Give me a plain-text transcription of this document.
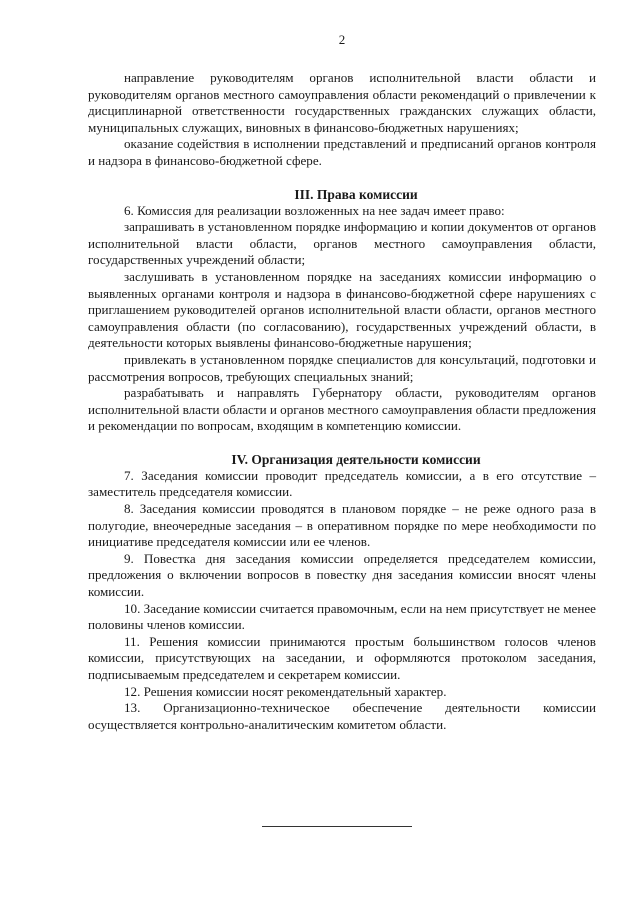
2

направление руководителям органов исполнительной власти области и руководителям органов местного самоуправления области рекомендаций о привлечении к дисциплинарной ответственности государственных гражданских служащих области, муниципальных служащих, виновных в финансово-бюджетных нарушениях;

оказание содействия в исполнении представлений и предписаний органов контроля и надзора в финансово-бюджетной сфере.

III. Права комиссии

6. Комиссия для реализации возложенных на нее задач имеет право:

запрашивать в установленном порядке информацию и копии документов от органов исполнительной власти области, органов местного самоуправления области, государственных учреждений области;

заслушивать в установленном порядке на заседаниях комиссии информацию о выявленных органами контроля и надзора в финансово-бюджетной сфере нарушениях с приглашением руководителей органов исполнительной власти области, органов местного самоуправления области (по согласованию), государственных учреждений области, в деятельности которых выявлены финансово-бюджетные нарушения;

привлекать в установленном порядке специалистов для консультаций, подготовки и рассмотрения вопросов, требующих специальных знаний;

разрабатывать и направлять Губернатору области, руководителям органов исполнительной власти области и органов местного самоуправления области предложения и рекомендации по вопросам, входящим в компетенцию комиссии.

IV. Организация деятельности комиссии

7. Заседания комиссии проводит председатель комиссии, а в его отсутствие – заместитель председателя комиссии.

8. Заседания комиссии проводятся в плановом порядке – не реже одного раза в полугодие, внеочередные заседания – в оперативном порядке по мере необходимости по инициативе председателя комиссии или ее членов.

9. Повестка дня заседания комиссии определяется председателем комиссии, предложения о включении вопросов в повестку дня заседания комиссии вносят члены комиссии.

10. Заседание комиссии считается правомочным, если на нем присутствует не менее половины членов комиссии.

11. Решения комиссии принимаются простым большинством голосов членов комиссии, присутствующих на заседании, и оформляются протоколом заседания, подписываемым председателем и секретарем комиссии.

12. Решения комиссии носят рекомендательный характер.

13. Организационно-техническое обеспечение деятельности комиссии осуществляется контрольно-аналитическим комитетом области.
